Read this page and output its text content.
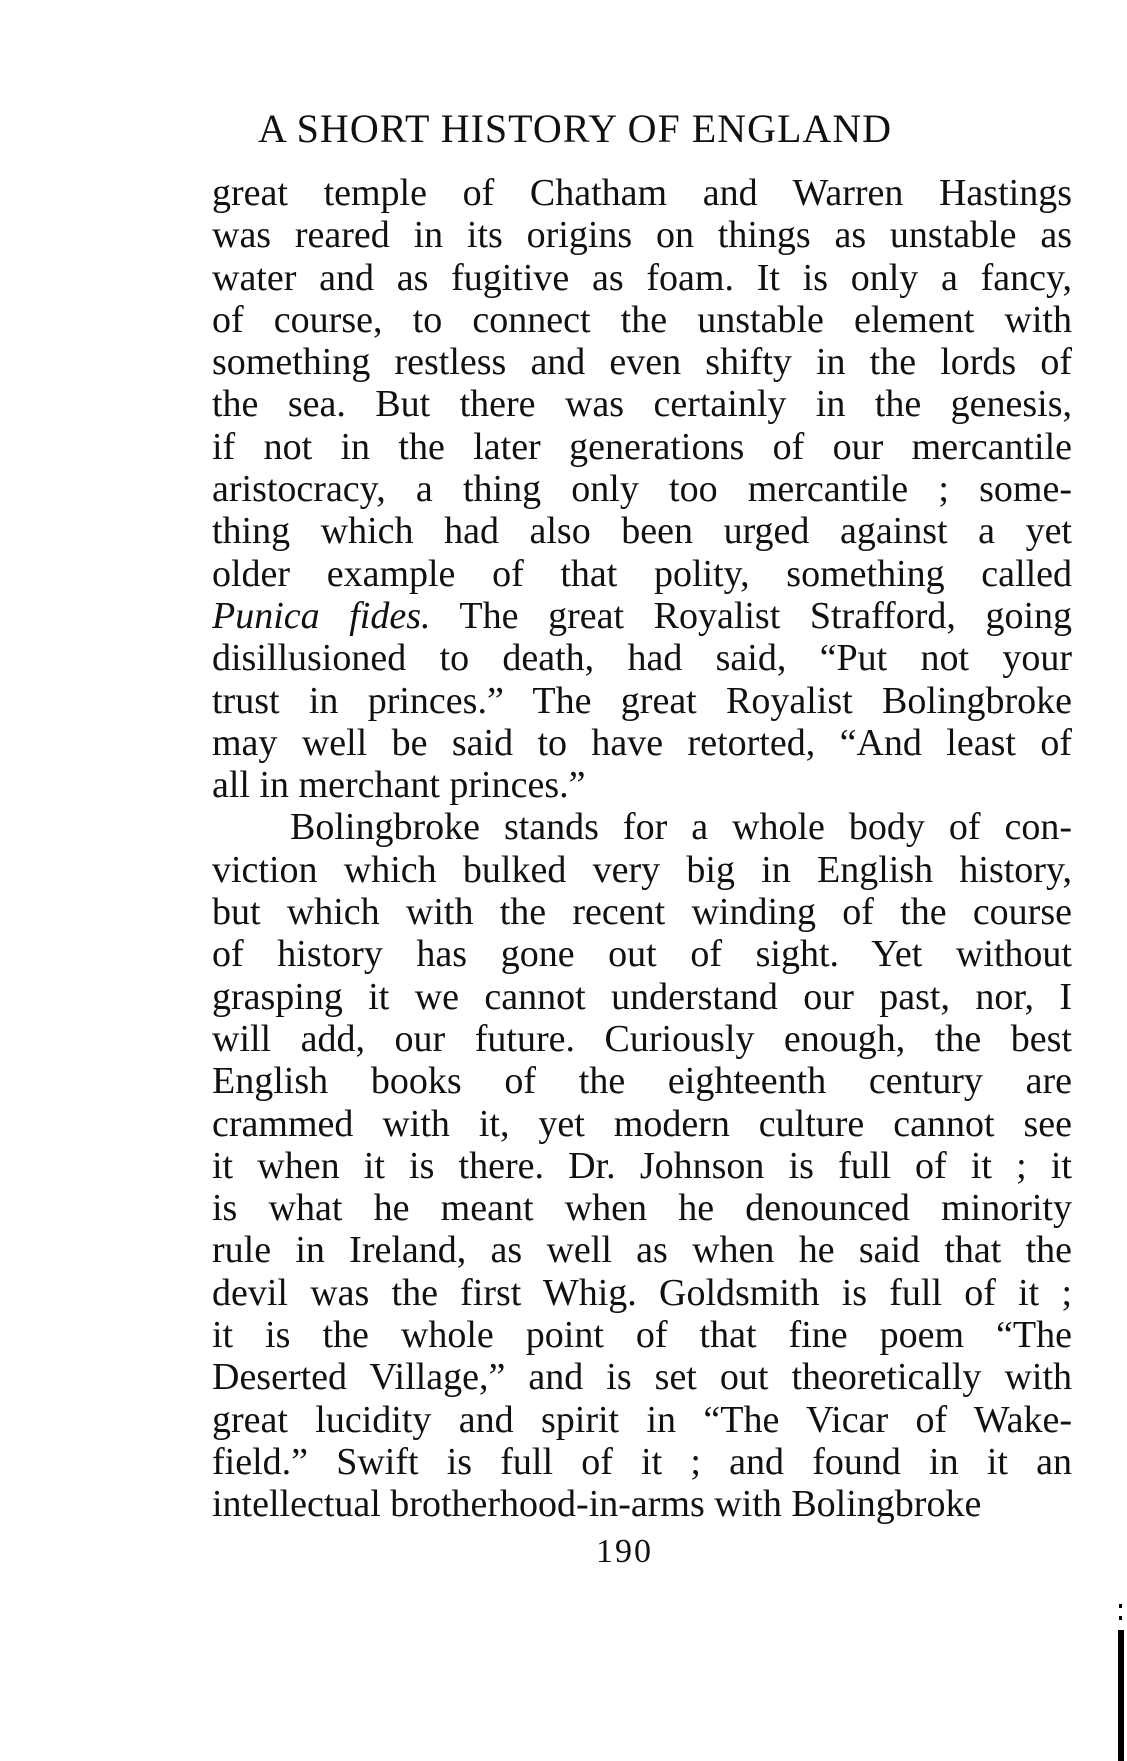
A SHORT HISTORY OF ENGLAND
great temple of Chatham and Warren Hastings
was reared in its origins on things as unstable as
water and as fugitive as foam. It is only a fancy,
of course, to connect the unstable element with
something restless and even shifty in the lords of
the sea. But there was certainly in the genesis,
if not in the later generations of our mercantile
aristocracy, a thing only too mercantile ; some-
thing which had also been urged against a yet
older example of that polity, something called
Punica fides. The great Royalist Strafford, going
disillusioned to death, had said, “Put not your
trust in princes.” The great Royalist Bolingbroke
may well be said to have retorted, “And least of
all in merchant princes.”
Bolingbroke stands for a whole body of con-
viction which bulked very big in English history,
but which with the recent winding of the course
of history has gone out of sight. Yet without
grasping it we cannot understand our past, nor, I
will add, our future. Curiously enough, the best
English books of the eighteenth century are
crammed with it, yet modern culture cannot see
it when it is there. Dr. Johnson is full of it ; it
is what he meant when he denounced minority
rule in Ireland, as well as when he said that the
devil was the first Whig. Goldsmith is full of it ;
it is the whole point of that fine poem “The
Deserted Village,” and is set out theoretically with
great lucidity and spirit in “The Vicar of Wake-
field.” Swift is full of it ; and found in it an
intellectual brotherhood-in-arms with Bolingbroke
190
